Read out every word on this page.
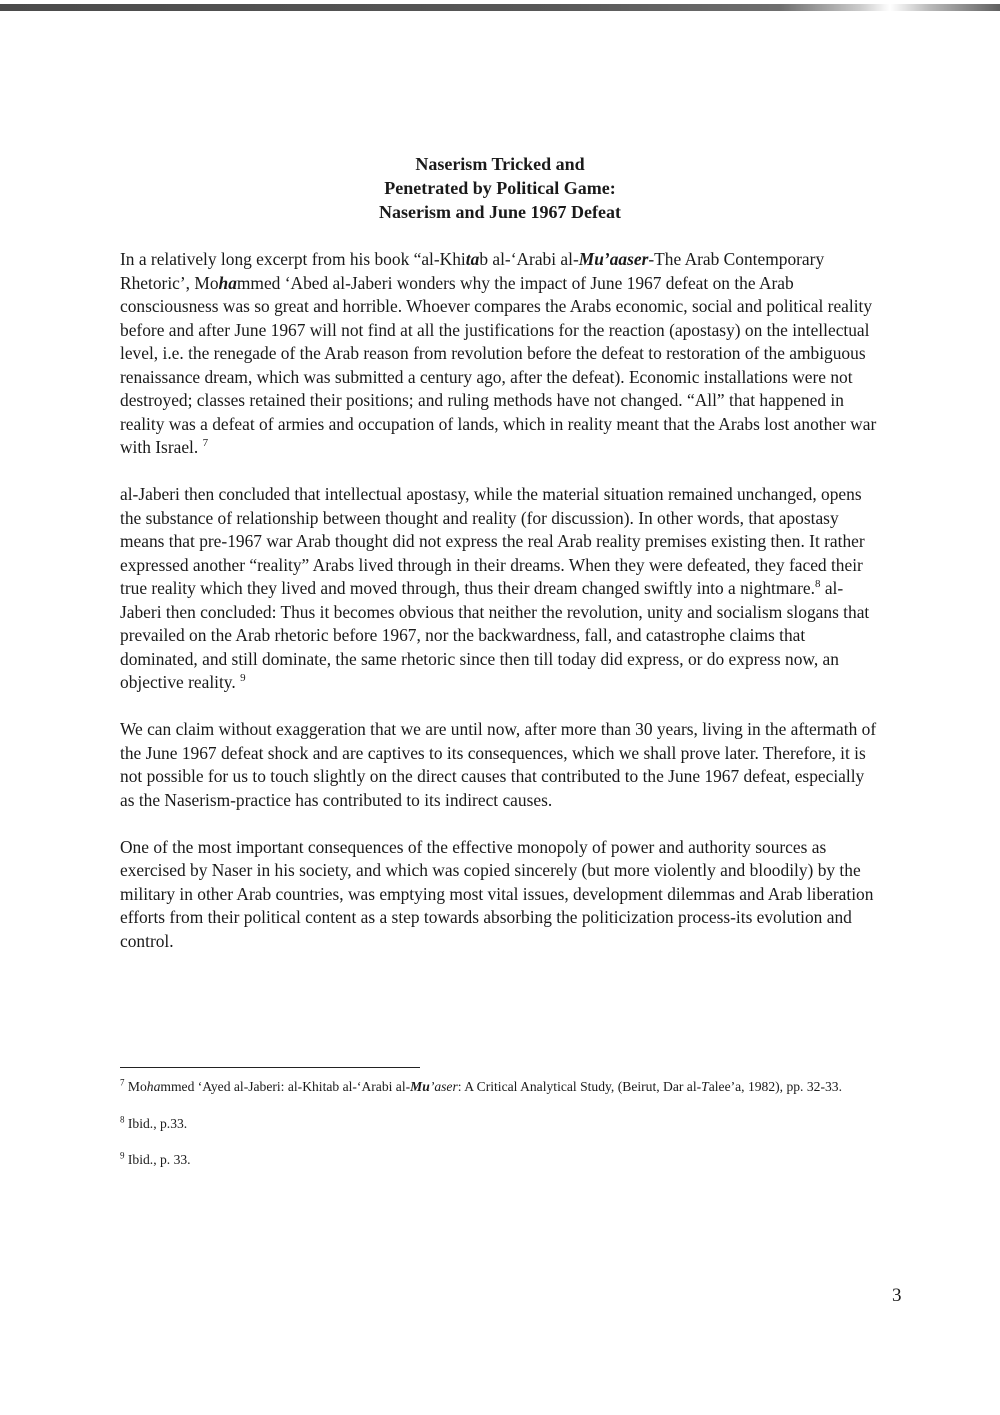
Naserism Tricked and
Penetrated by Political Game:
Naserism and June 1967 Defeat

In a relatively long excerpt from his book “al-Khitab al-‘Arabi al-Mu’aaser-The Arab Contemporary Rhetoric’, Mohammed ‘Abed al-Jaberi wonders why the impact of June 1967 defeat on the Arab consciousness was so great and horrible. Whoever compares the Arabs economic, social and political reality before and after June 1967 will not find at all the justifications for the reaction (apostasy) on the intellectual level, i.e. the renegade of the Arab reason from revolution before the defeat to restoration of the ambiguous renaissance dream, which was submitted a century ago, after the defeat). Economic installations were not destroyed; classes retained their positions; and ruling methods have not changed. “All” that happened in reality was a defeat of armies and occupation of lands, which in reality meant that the Arabs lost another war with Israel. $^7$

al-Jaberi then concluded that intellectual apostasy, while the material situation remained unchanged, opens the substance of relationship between thought and reality (for discussion). In other words, that apostasy means that pre-1967 war Arab thought did not express the real Arab reality premises existing then. It rather expressed another “reality” Arabs lived through in their dreams. When they were defeated, they faced their true reality which they lived and moved through, thus their dream changed swiftly into a nightmare.$^8$ al-Jaberi then concluded: Thus it becomes obvious that neither the revolution, unity and socialism slogans that prevailed on the Arab rhetoric before 1967, nor the backwardness, fall, and catastrophe claims that dominated, and still dominate, the same rhetoric since then till today did express, or do express now, an objective reality. $^9$

We can claim without exaggeration that we are until now, after more than 30 years, living in the aftermath of the June 1967 defeat shock and are captives to its consequences, which we shall prove later. Therefore, it is not possible for us to touch slightly on the direct causes that contributed to the June 1967 defeat, especially as the Naserism-practice has contributed to its indirect causes.

One of the most important consequences of the effective monopoly of power and authority sources as exercised by Naser in his society, and which was copied sincerely (but more violently and bloodily) by the military in other Arab countries, was emptying most vital issues, development dilemmas and Arab liberation efforts from their political content as a step towards absorbing the politicization process-its evolution and control.

$^7$ Mohammed ‘Ayed al-Jaberi: al-Khitab al-‘Arabi al-Mu’aser: A Critical Analytical Study, (Beirut, Dar al-Talee’a, 1982), pp. 32-33.

$^8$ Ibid., p.33.

$^9$ Ibid., p. 33.

3
